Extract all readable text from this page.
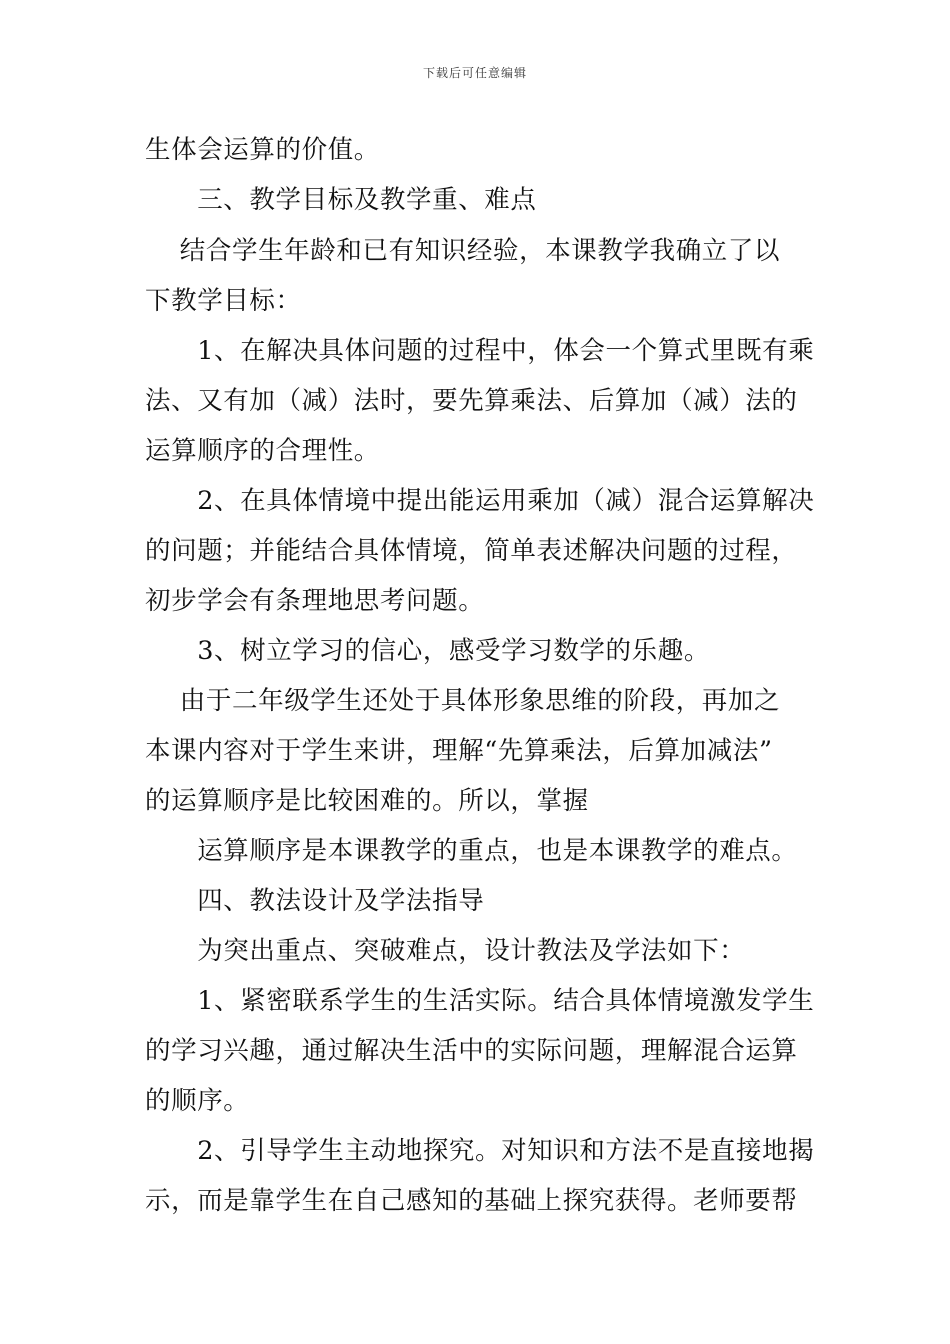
下载后可任意编辑
生体会运算的价值。
　　三、教学目标及教学重、难点
　 结合学生年龄和已有知识经验，本课教学我确立了以
下教学目标：
　　1、在解决具体问题的过程中，体会一个算式里既有乘
法、又有加（减）法时，要先算乘法、后算加（减）法的
运算顺序的合理性。
　　2、在具体情境中提出能运用乘加（减）混合运算解决
的问题；并能结合具体情境，简单表述解决问题的过程，
初步学会有条理地思考问题。
　　3、树立学习的信心，感受学习数学的乐趣。
　 由于二年级学生还处于具体形象思维的阶段，再加之
本课内容对于学生来讲，理解“先算乘法，后算加减法”
的运算顺序是比较困难的。所以，掌握
　　运算顺序是本课教学的重点，也是本课教学的难点。
　　四、教法设计及学法指导
　　为突出重点、突破难点，设计教法及学法如下：
　　1、紧密联系学生的生活实际。结合具体情境激发学生
的学习兴趣，通过解决生活中的实际问题，理解混合运算
的顺序。
　　2、引导学生主动地探究。对知识和方法不是直接地揭
示，而是靠学生在自己感知的基础上探究获得。老师要帮
